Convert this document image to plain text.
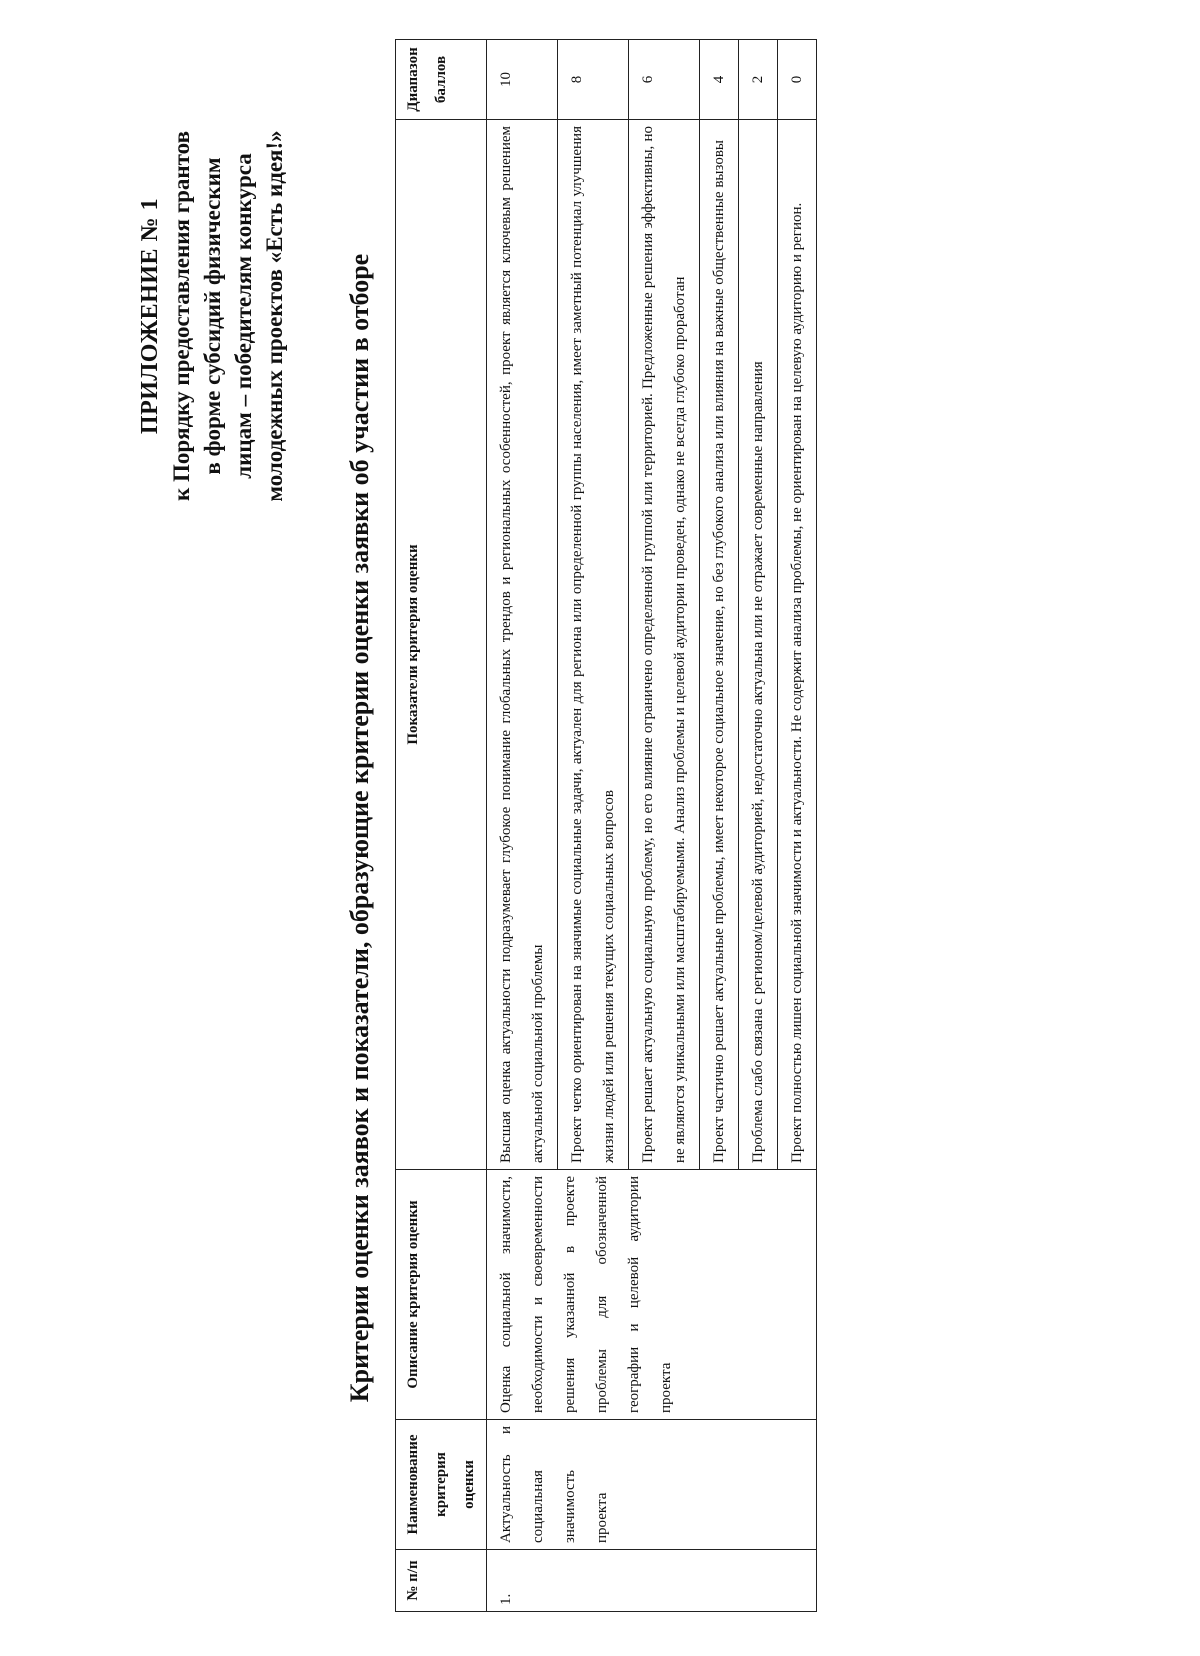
ПРИЛОЖЕНИЕ № 1 к Порядку предоставления грантов в форме субсидий физическим лицам – победителям конкурса молодежных проектов «Есть идея!» Критерии оценки заявок и показатели, образующие критерии оценки заявки об участии в отборе
№ п/п	Наименование критерия оценки	Описание критерия оценки	Показатели критерия оценки	Диапазон баллов
1.	Актуальность и социальная значимость проекта	Оценка социальной значимости, необходимости и своевременности решения указанной в проекте проблемы для обозначенной географии и целевой аудитории проекта	Высшая оценка актуальности подразумевает глубокое понимание глобальных трендов и региональных особенностей, проект является ключевым решением актуальной социальной проблемы	10
			Проект четко ориентирован на значимые социальные задачи, актуален для региона или определенной группы населения, имеет заметный потенциал улучшения жизни людей или решения текущих социальных вопросов	8
			Проект решает актуальную социальную проблему, но его влияние ограничено определенной группой или территорией. Предложенные решения эффективны, но не являются уникальными или масштабируемыми. Анализ проблемы и целевой аудитории проведен, однако не всегда глубоко проработан	6
			Проект частично решает актуальные проблемы, имеет некоторое социальное значение, но без глубокого анализа или влияния на важные общественные вызовы	4
			Проблема слабо связана с регионом/целевой аудиторией, недостаточно актуальна или не отражает современные направления	2
			Проект полностью лишен социальной значимости и актуальности. Не содержит анализа проблемы, не ориентирован на целевую аудиторию и регион.	0
